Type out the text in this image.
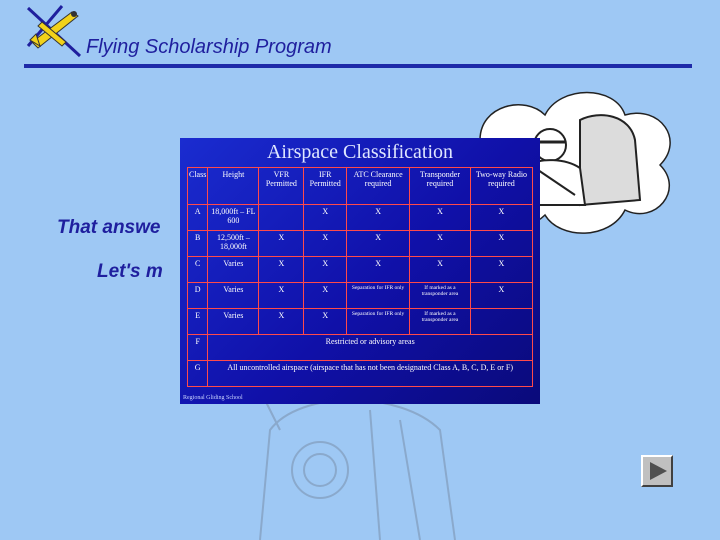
Flying Scholarship Program
That answe
Let's m
Airspace Classification
Class	Height	VFR Permitted	IFR Permitted	ATC Clearance required	Transponder required	Two-way Radio required
A	18,000ft – FL 600		X	X	X	X
B	12,500ft – 18,000ft	X	X	X	X	X
C	Varies	X	X	X	X	X
D	Varies	X	X	Separation for IFR only	If marked as a transponder area	X
E	Varies	X	X	Separation for IFR only	If marked as a transponder area	
F	Restricted or advisory areas					
G	All uncontrolled airspace (airspace that has not been designated Class A, B, C, D, E or F)					
Regional Gliding School
